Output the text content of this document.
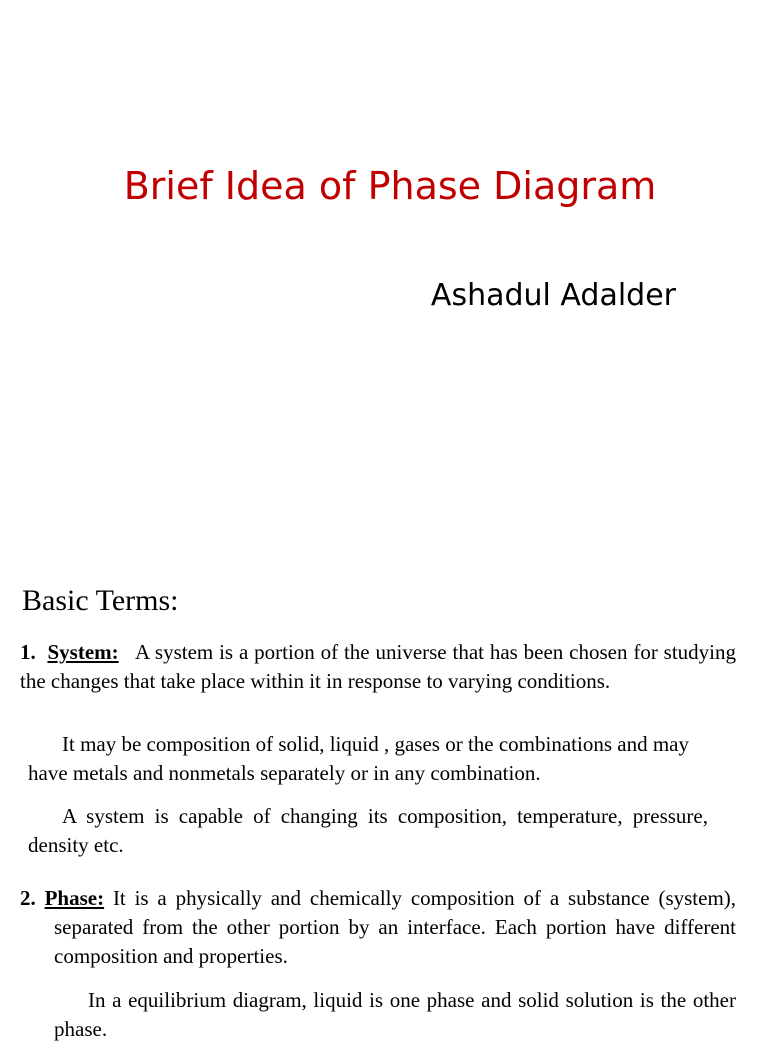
Brief Idea of Phase Diagram
Ashadul Adalder
Basic Terms:

1. System: A system is a portion of the universe that has been chosen for studying the changes that take place within it in response to varying conditions.

It may be composition of solid, liquid , gases or the combinations and may have metals and nonmetals separately or in any combination.

A system is capable of changing its composition, temperature, pressure, density etc.

2. Phase: It is a physically and chemically composition of a substance (system), separated from the other portion by an interface. Each portion have different composition and properties.

In a equilibrium diagram, liquid is one phase and solid solution is the other phase.
